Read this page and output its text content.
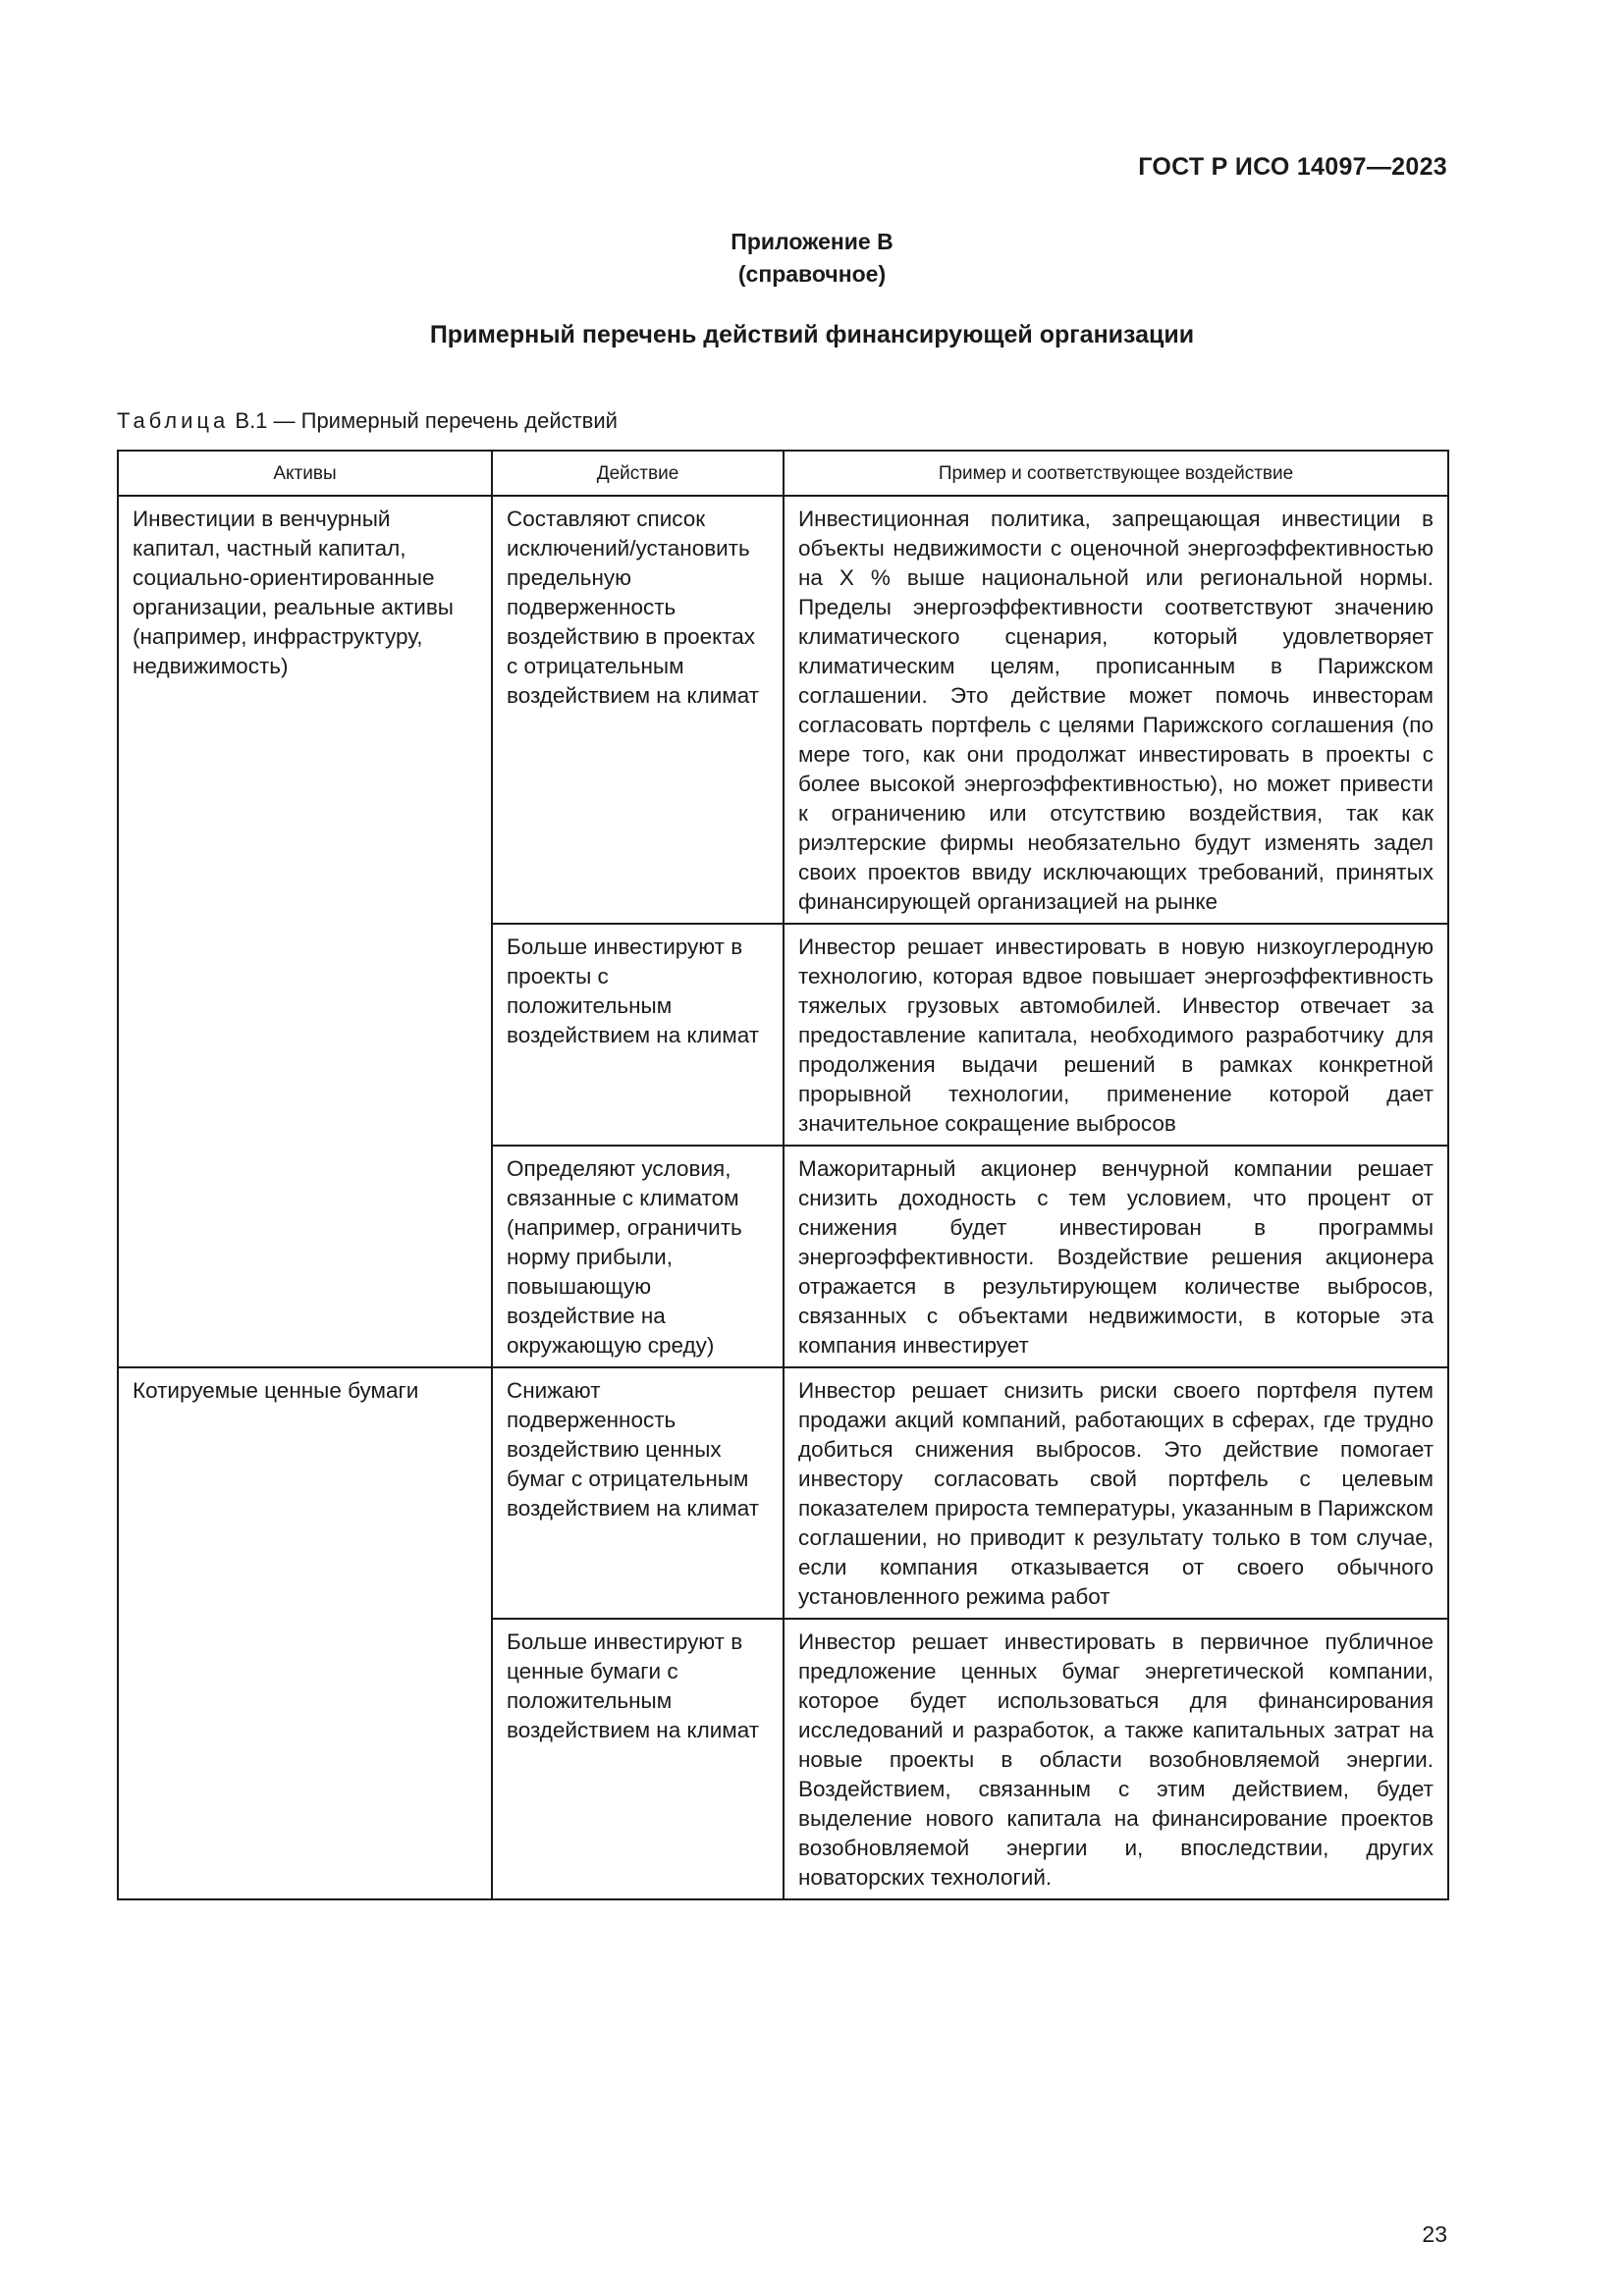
ГОСТ Р ИСО 14097—2023
Приложение В
(справочное)
Примерный перечень действий финансирующей организации
Таблица В.1 — Примерный перечень действий
Активы	Действие	Пример и соответствующее воздействие
Инвестиции в венчурный капитал, частный капитал, социально-ориентированные организации, реальные активы (например, инфраструктуру, недвижимость)	Составляют список исключений/установить предельную подверженность воздействию в проектах с отрицательным воздействием на климат	Инвестиционная политика, запрещающая инвестиции в объекты недвижимости с оценочной энергоэффективностью на X % выше национальной или региональной нормы. Пределы энергоэффективности соответствуют значению климатического сценария, который удовлетворяет климатическим целям, прописанным в Парижском соглашении. Это действие может помочь инвесторам согласовать портфель с целями Парижского соглашения (по мере того, как они продолжат инвестировать в проекты с более высокой энергоэффективностью), но может привести к ограничению или отсутствию воздействия, так как риэлтерские фирмы необязательно будут изменять задел своих проектов ввиду исключающих требований, принятых финансирующей организацией на рынке
	Больше инвестируют в проекты с положительным воздействием на климат	Инвестор решает инвестировать в новую низкоуглеродную технологию, которая вдвое повышает энергоэффективность тяжелых грузовых автомобилей. Инвестор отвечает за предоставление капитала, необходимого разработчику для продолжения выдачи решений в рамках конкретной прорывной технологии, применение которой дает значительное сокращение выбросов
	Определяют условия, связанные с климатом (например, ограничить норму прибыли, повышающую воздействие на окружающую среду)	Мажоритарный акционер венчурной компании решает снизить доходность с тем условием, что процент от снижения будет инвестирован в программы энергоэффективности. Воздействие решения акционера отражается в результирующем количестве выбросов, связанных с объектами недвижимости, в которые эта компания инвестирует
Котируемые ценные бумаги	Снижают подверженность воздействию ценных бумаг с отрицательным воздействием на климат	Инвестор решает снизить риски своего портфеля путем продажи акций компаний, работающих в сферах, где трудно добиться снижения выбросов. Это действие помогает инвестору согласовать свой портфель с целевым показателем прироста температуры, указанным в Парижском соглашении, но приводит к результату только в том случае, если компания отказывается от своего обычного установленного режима работ
	Больше инвестируют в ценные бумаги с положительным воздействием на климат	Инвестор решает инвестировать в первичное публичное предложение ценных бумаг энергетической компании, которое будет использоваться для финансирования исследований и разработок, а также капитальных затрат на новые проекты в области возобновляемой энергии. Воздействием, связанным с этим действием, будет выделение нового капитала на финансирование проектов возобновляемой энергии и, впоследствии, других новаторских технологий.
23
